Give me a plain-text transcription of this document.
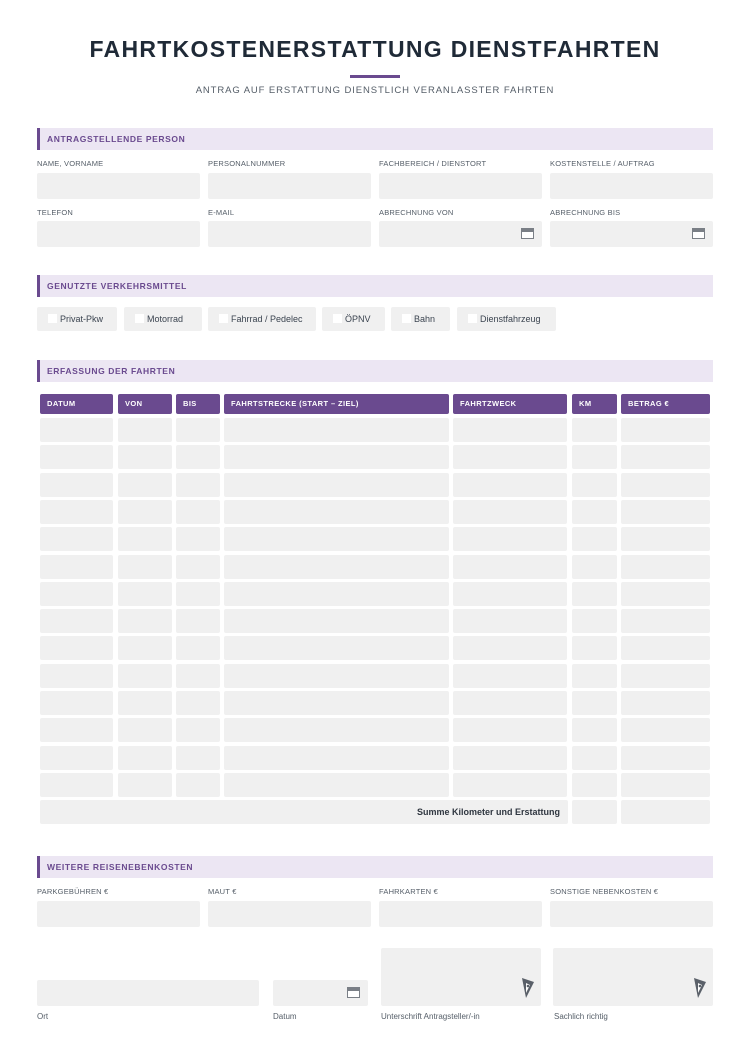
FAHRTKOSTENERSTATTUNG DIENSTFAHRTEN
ANTRAG AUF ERSTATTUNG DIENSTLICH VERANLASSTER FAHRTEN
ANTRAGSTELLENDE PERSON
NAME, VORNAME	PERSONALNUMMER	FACHBEREICH / DIENSTORT	KOSTENSTELLE / AUFTRAG
TELEFON	E-MAIL	ABRECHNUNG VON	ABRECHNUNG BIS
GENUTZTE VERKEHRSMITTEL
Privat-Pkw	Motorrad	Fahrrad / Pedelec	ÖPNV	Bahn	Dienstfahrzeug
ERFASSUNG DER FAHRTEN
DATUM	VON	BIS	FAHRTSTRECKE (START – ZIEL)	FAHRTZWECK	KM	BETRAG €
Summe Kilometer und Erstattung
WEITERE REISENEBENKOSTEN
PARKGEBÜHREN €	MAUT €	FAHRKARTEN €	SONSTIGE NEBENKOSTEN €
Ort	Datum	Unterschrift Antragsteller/-in	Sachlich richtig
